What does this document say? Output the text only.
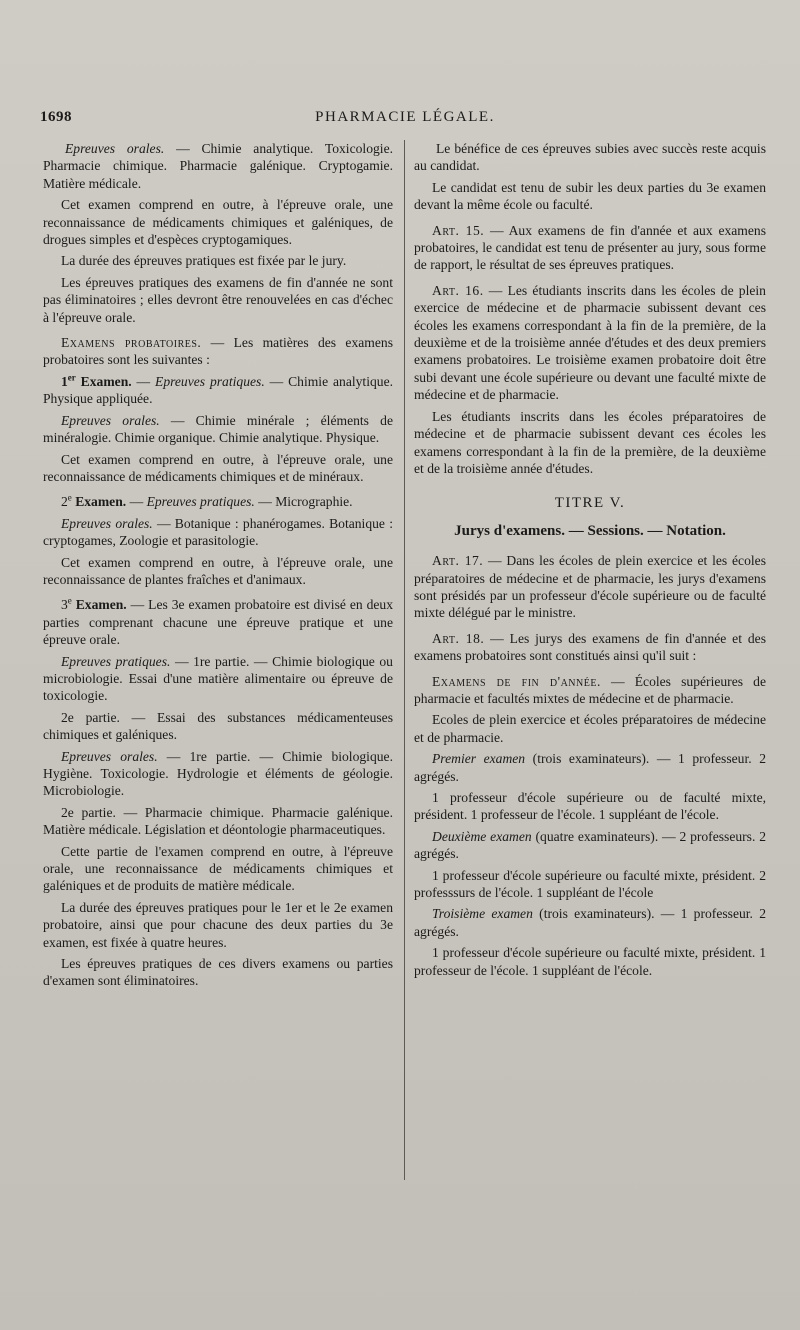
1698	PHARMACIE LÉGALE.

Epreuves orales. — Chimie analytique. Toxicologie. Pharmacie chimique. Pharmacie galénique. Cryptogamie. Matière médicale.

Cet examen comprend en outre, à l'épreuve orale, une reconnaissance de médicaments chimiques et galéniques, de drogues simples et d'espèces cryptogamiques.

La durée des épreuves pratiques est fixée par le jury.

Les épreuves pratiques des examens de fin d'année ne sont pas éliminatoires ; elles devront être renouvelées en cas d'échec à l'épreuve orale.

Examens probatoires. — Les matières des examens probatoires sont les suivantes :

1er Examen. — Epreuves pratiques. — Chimie analytique. Physique appliquée.

Epreuves orales. — Chimie minérale ; éléments de minéralogie. Chimie organique. Chimie analytique. Physique.

Cet examen comprend en outre, à l'épreuve orale, une reconnaissance de médicaments chimiques et de minéraux.

2e Examen. — Epreuves pratiques. — Micrographie.

Epreuves orales. — Botanique : phanérogames. Botanique : cryptogames, Zoologie et parasitologie.

Cet examen comprend en outre, à l'épreuve orale, une reconnaissance de plantes fraîches et d'animaux.

3e Examen. — Les 3e examen probatoire est divisé en deux parties comprenant chacune une épreuve pratique et une épreuve orale.

Epreuves pratiques. — 1re partie. — Chimie biologique ou microbiologie. Essai d'une matière alimentaire ou épreuve de toxicologie.

2e partie. — Essai des substances médicamenteuses chimiques et galéniques.

Epreuves orales. — 1re partie. — Chimie biologique. Hygiène. Toxicologie. Hydrologie et éléments de géologie. Microbiologie.

2e partie. — Pharmacie chimique. Pharmacie galénique. Matière médicale. Législation et déontologie pharmaceutiques.

Cette partie de l'examen comprend en outre, à l'épreuve orale, une reconnaissance de médicaments chimiques et galéniques et de produits de matière médicale.

La durée des épreuves pratiques pour le 1er et le 2e examen probatoire, ainsi que pour chacune des deux parties du 3e examen, est fixée à quatre heures.

Les épreuves pratiques de ces divers examens ou parties d'examen sont éliminatoires.

Le bénéfice de ces épreuves subies avec succès reste acquis au candidat.

Le candidat est tenu de subir les deux parties du 3e examen devant la même école ou faculté.

Art. 15. — Aux examens de fin d'année et aux examens probatoires, le candidat est tenu de présenter au jury, sous forme de rapport, le résultat de ses épreuves pratiques.

Art. 16. — Les étudiants inscrits dans les écoles de plein exercice de médecine et de pharmacie subissent devant ces écoles les examens correspondant à la fin de la première, de la deuxième et de la troisième année d'études et des deux premiers examens probatoires. Le troisième examen probatoire doit être subi devant une école supérieure ou devant une faculté mixte de médecine et de pharmacie.

Les étudiants inscrits dans les écoles préparatoires de médecine et de pharmacie subissent devant ces écoles les examens correspondant à la fin de la première, de la deuxième et de la troisième année d'études.

TITRE V.
Jurys d'examens. — Sessions. — Notation.

Art. 17. — Dans les écoles de plein exercice et les écoles préparatoires de médecine et de pharmacie, les jurys d'examens sont présidés par un professeur d'école supérieure ou de faculté mixte délégué par le ministre.

Art. 18. — Les jurys des examens de fin d'année et des examens probatoires sont constitués ainsi qu'il suit :

Examens de fin d'année. — Écoles supérieures de pharmacie et facultés mixtes de médecine et de pharmacie.

Ecoles de plein exercice et écoles préparatoires de médecine et de pharmacie.

Premier examen (trois examinateurs). — 1 professeur. 2 agrégés.

1 professeur d'école supérieure ou de faculté mixte, président. 1 professeur de l'école. 1 suppléant de l'école.

Deuxième examen (quatre examinateurs). — 2 professeurs. 2 agrégés.

1 professeur d'école supérieure ou faculté mixte, président. 2 professsurs de l'école. 1 suppléant de l'école

Troisième examen (trois examinateurs). — 1 professeur. 2 agrégés.

1 professeur d'école supérieure ou faculté mixte, président. 1 professeur de l'école. 1 suppléant de l'école.
